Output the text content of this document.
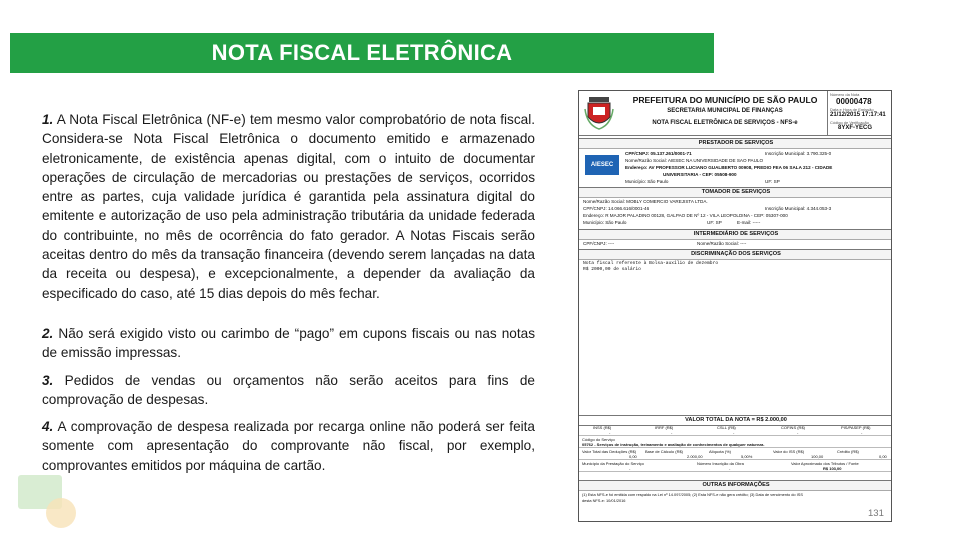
NOTA FISCAL ELETRÔNICA

1. A Nota Fiscal Eletrônica (NF-e) tem mesmo valor comprobatório de nota fiscal. Considera-se Nota Fiscal Eletrônica o documento emitido e armazenado eletronicamente, de existência apenas digital, com o intuito de documentar operações de circulação de mercadorias ou prestações de serviços, ocorridos entre as partes, cuja validade jurídica é garantida pela assinatura digital do emitente e autorização de uso pela administração tributária da unidade federada do contribuinte, no mês de ocorrência do fato gerador. A Notas Fiscais serão aceitas dentro do mês da transação financeira (devendo serem lançadas na data da receita ou despesa), e excepcionalmente, a depender da avaliação da especificado do caso, até 15 dias depois do mês fechar.

2. Não será exigido visto ou carimbo de “pago” em cupons fiscais ou nas notas de emissão impressas.

3. Pedidos de vendas ou orçamentos não serão aceitos para fins de comprovação de despesas.

4. A comprovação de despesa realizada por recarga online não poderá ser feita somente com apresentação do comprovante não fiscal, por exemplo, comprovantes emitidos por máquina de cartão.

PREFEITURA DO MUNICÍPIO DE SÃO PAULO
SECRETARIA MUNICIPAL DE FINANÇAS
NOTA FISCAL ELETRÔNICA DE SERVIÇOS - NFS-e
Número da Nota
00000478
Data e Hora de Emissão
21/12/2015 17:17:41
Código de Verificação
8YXF-YECG
PRESTADOR DE SERVIÇOS
AIESEC
CPF/CNPJ: 05.137.261/0001-71	Inscrição Municipal: 3.790.325-0
Nome/Razão Social: AIESEC NA UNIVERSIDADE DE SAO PAULO
Endereço: AV PROFESSOR LUCIANO GUALBERTO 00908, PREDIO FEA 06 SALA 212 - CIDADE
UNIVERSITARIA - CEP: 05508-900
Município: São Paulo	UF: SP
TOMADOR DE SERVIÇOS
Nome/Razão Social: MOBLY COMERCIO VAREJISTA LTDA.
CPF/CNPJ: 14.066.616/0001-46	Inscrição Municipal: 4.344.053-3
Endereço: R MAJOR PALADINO 00128, GALPAO DE Nº 12 - VILA LEOPOLDINA - CEP: 05307-000
Município: São Paulo	UF: SP	E-mail: -----
INTERMEDIÁRIO DE SERVIÇOS
CPF/CNPJ: ----	Nome/Razão Social: ----
DISCRIMINAÇÃO DOS SERVIÇOS
Nota fiscal referente à Bolsa-auxílio de dezembro
R$ 2000,00 de salário
VALOR TOTAL DA NOTA = R$ 2.000,00
INSS (R$)	IRRF (R$)	CSLL (R$)	COFINS (R$)	PIS/PASEP (R$)
-	-	-	-	-
Código do Serviço
05762 - Serviços de instrução, treinamento e avaliação de conhecimentos de qualquer natureza.
Valor Total das Deduções (R$) Base de Cálculo (R$)	Alíquota (%)	Valor do ISS (R$)	Crédito (R$)
0,00	2.000,00	5,00%	100,00	0,00
Município da Prestação do Serviço	Número Inscrição da Obra	Valor Aproximado dos Tributos / Fonte
-	-	R$ 103,00
OUTRAS INFORMAÇÕES
(1) Esta NFS-e foi emitida com respaldo na Lei nº 14.097/2005; (2) Esta NFS-e não gera crédito; (3) Data de vencimento do ISS
desta NFS-e: 10/01/2016
131
